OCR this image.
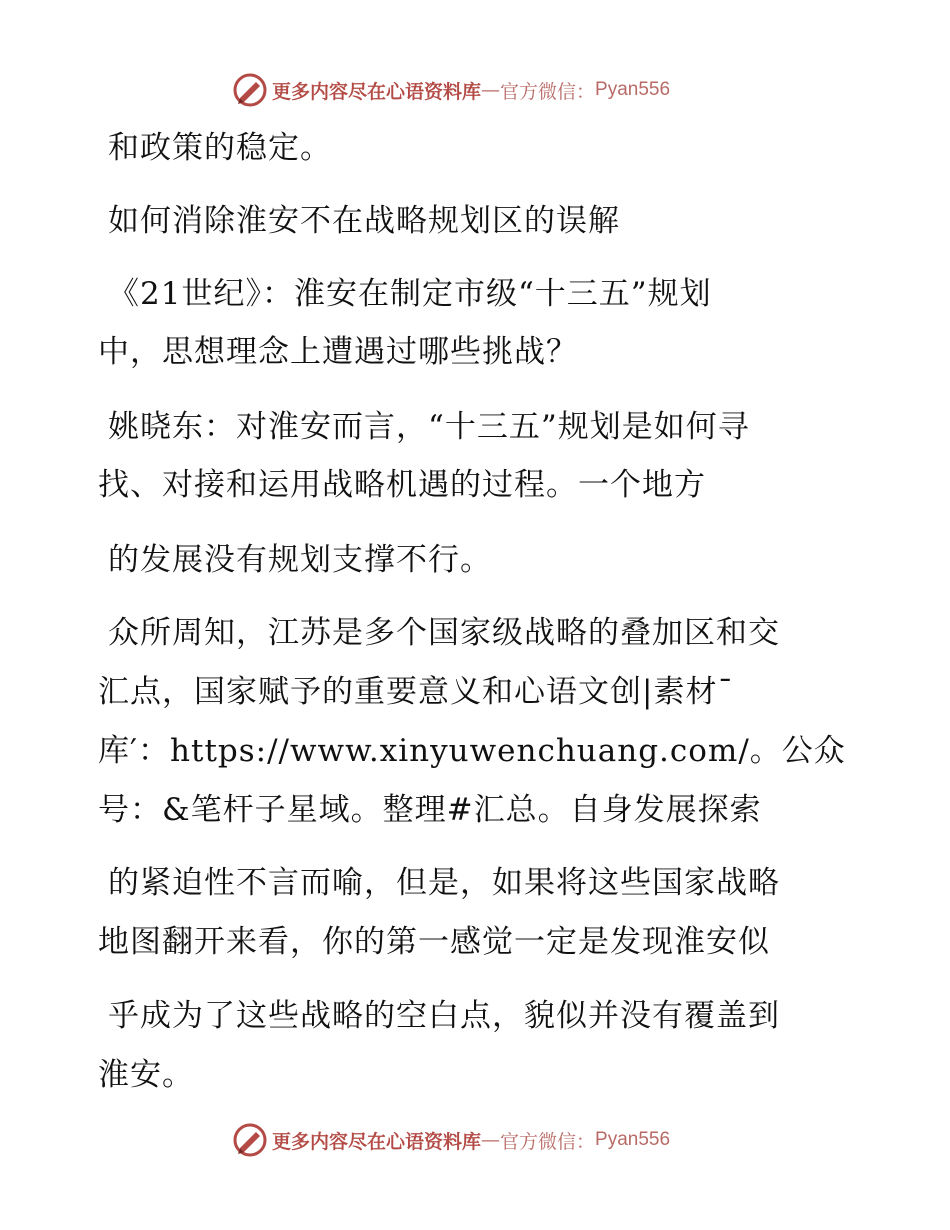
更多内容尽在心语资料库 — 官方微信： Pyan556
和政策的稳定。
如何消除淮安不在战略规划区的误解
《21世纪》：淮安在制定市级“十三五”规划
中，思想理念上遭遇过哪些挑战？
姚晓东：对淮安而言，“十三五”规划是如何寻
找、对接和运用战略机遇的过程。一个地方
的发展没有规划支撑不行。
众所周知，江苏是多个国家级战略的叠加区和交
汇点，国家赋予的重要意义和心语文创|素材¯
库′：https://www.xinyuwenchuang.com/。公众
号：&笔杆子星域。整理#汇总。自身发展探索
的紧迫性不言而喻，但是，如果将这些国家战略
地图翻开来看，你的第一感觉一定是发现淮安似
乎成为了这些战略的空白点，貌似并没有覆盖到
淮安。
更多内容尽在心语资料库 — 官方微信： Pyan556
